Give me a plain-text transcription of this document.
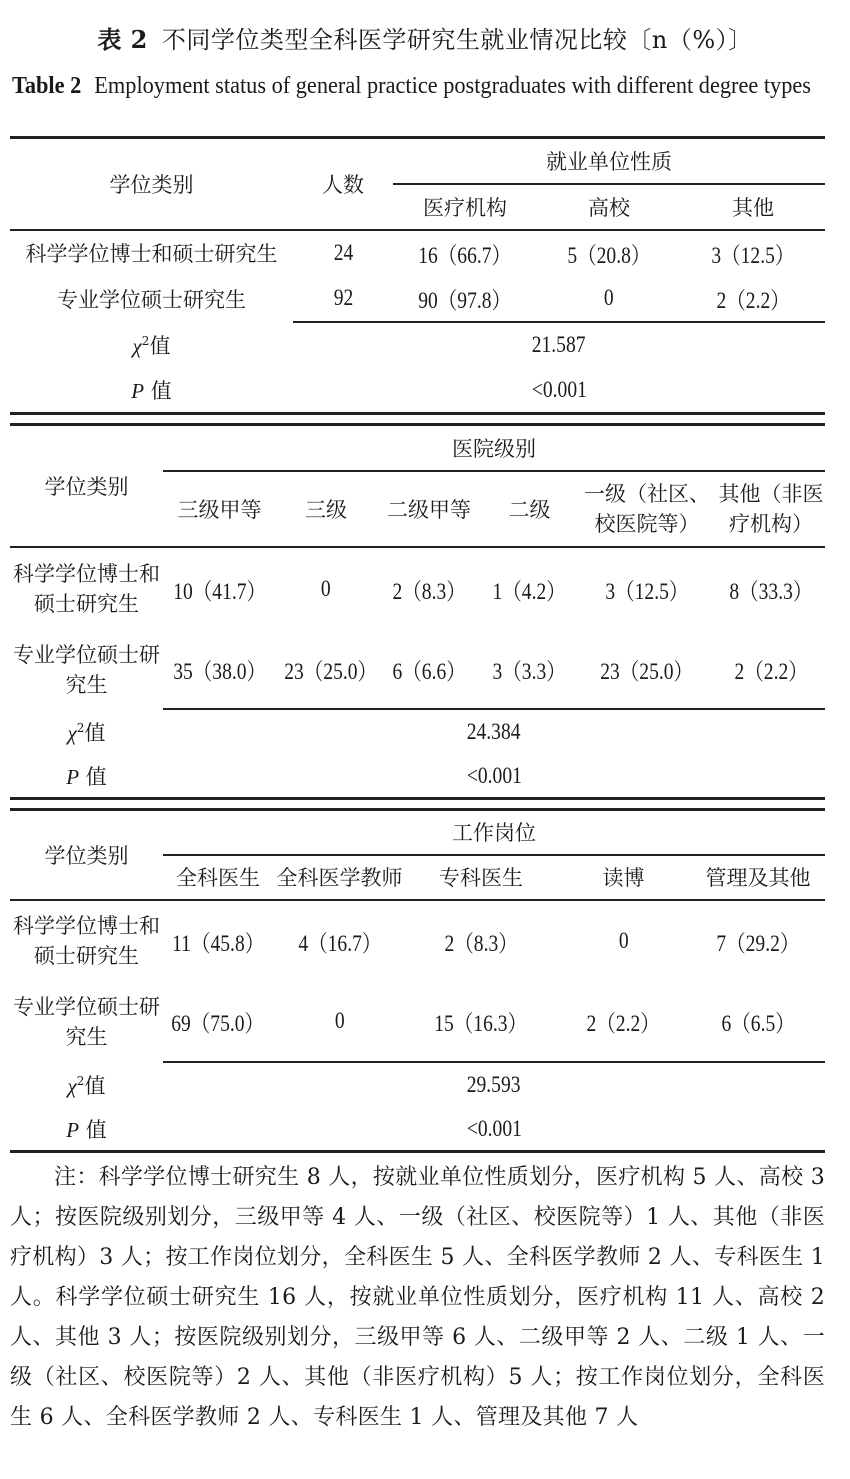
表 2 不同学位类型全科医学研究生就业情况比较〔n（%）〕
Table 2 Employment status of general practice postgraduates with different degree types
学位类别	人数	就业单位性质		
		医疗机构	高校	其他
科学学位博士和硕士研究生	24	16（66.7）	5（20.8）	3（12.5）
专业学位硕士研究生	92	90（97.8）	0	2（2.2）
$\chi^2$值	21.587			
P 值	<0.001			
学位类别	医院级别					
	三级甲等	三级	二级甲等	二级	一级（社区、校医院等）	其他（非医疗机构）
科学学位博士和硕士研究生	10（41.7）	0	2（8.3）	1（4.2）	3（12.5）	8（33.3）
专业学位硕士研究生	35（38.0）	23（25.0）	6（6.6）	3（3.3）	23（25.0）	2（2.2）
$\chi^2$值	24.384					
P 值	<0.001					
学位类别	工作岗位				
	全科医生	全科医学教师	专科医生	读博	管理及其他
科学学位博士和硕士研究生	11（45.8）	4（16.7）	2（8.3）	0	7（29.2）
专业学位硕士研究生	69（75.0）	0	15（16.3）	2（2.2）	6（6.5）
$\chi^2$值	29.593				
P 值	<0.001				
注：科学学位博士研究生 8 人，按就业单位性质划分，医疗机构 5 人、高校 3 人；按医院级别划分，三级甲等 4 人、一级（社区、校医院等）1 人、其他（非医疗机构）3 人；按工作岗位划分，全科医生 5 人、全科医学教师 2 人、专科医生 1 人。科学学位硕士研究生 16 人，按就业单位性质划分，医疗机构 11 人、高校 2 人、其他 3 人；按医院级别划分，三级甲等 6 人、二级甲等 2 人、二级 1 人、一级（社区、校医院等）2 人、其他（非医疗机构）5 人；按工作岗位划分，全科医生 6 人、全科医学教师 2 人、专科医生 1 人、管理及其他 7 人
